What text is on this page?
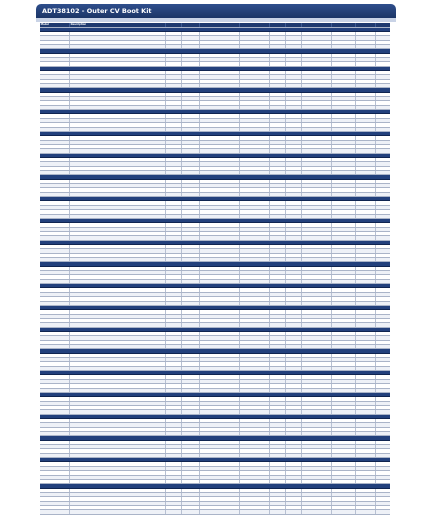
ADT38102 - Outer CV Boot Kit
Model	Description
